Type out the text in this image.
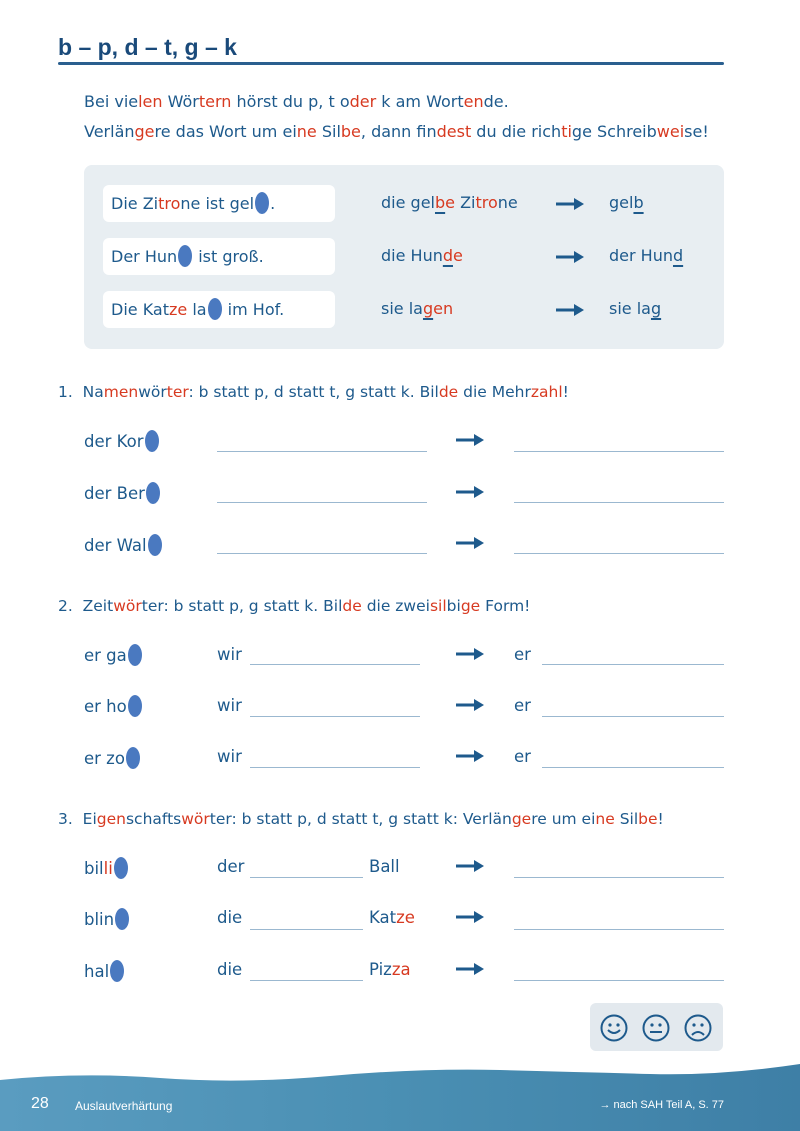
b – p, d – t, g – k
Bei vielen Wörtern hörst du p, t oder k am Wortende.
Verlängere das Wort um eine Silbe, dann findest du die richtige Schreibweise!
Die Zitrone ist gel .	die gelbe Zitrone	gelb
Der Hun ist groß.	die Hunde	der Hund
Die Katze la im Hof.	sie lagen	sie lag
1. Namenwörter: b statt p, d statt t, g statt k. Bilde die Mehrzahl!
der Kor
der Ber
der Wal
2. Zeitwörter: b statt p, g statt k. Bilde die zweisilbige Form!
er ga	wir	er
er ho	wir	er
er zo	wir	er
3. Eigenschaftswörter: b statt p, d statt t, g statt k: Verlängere um eine Silbe!
billi	der	Ball
blin	die	Katze
hal	die	Pizza
28 Auslautverhärtung	→ nach SAH Teil A, S. 77
